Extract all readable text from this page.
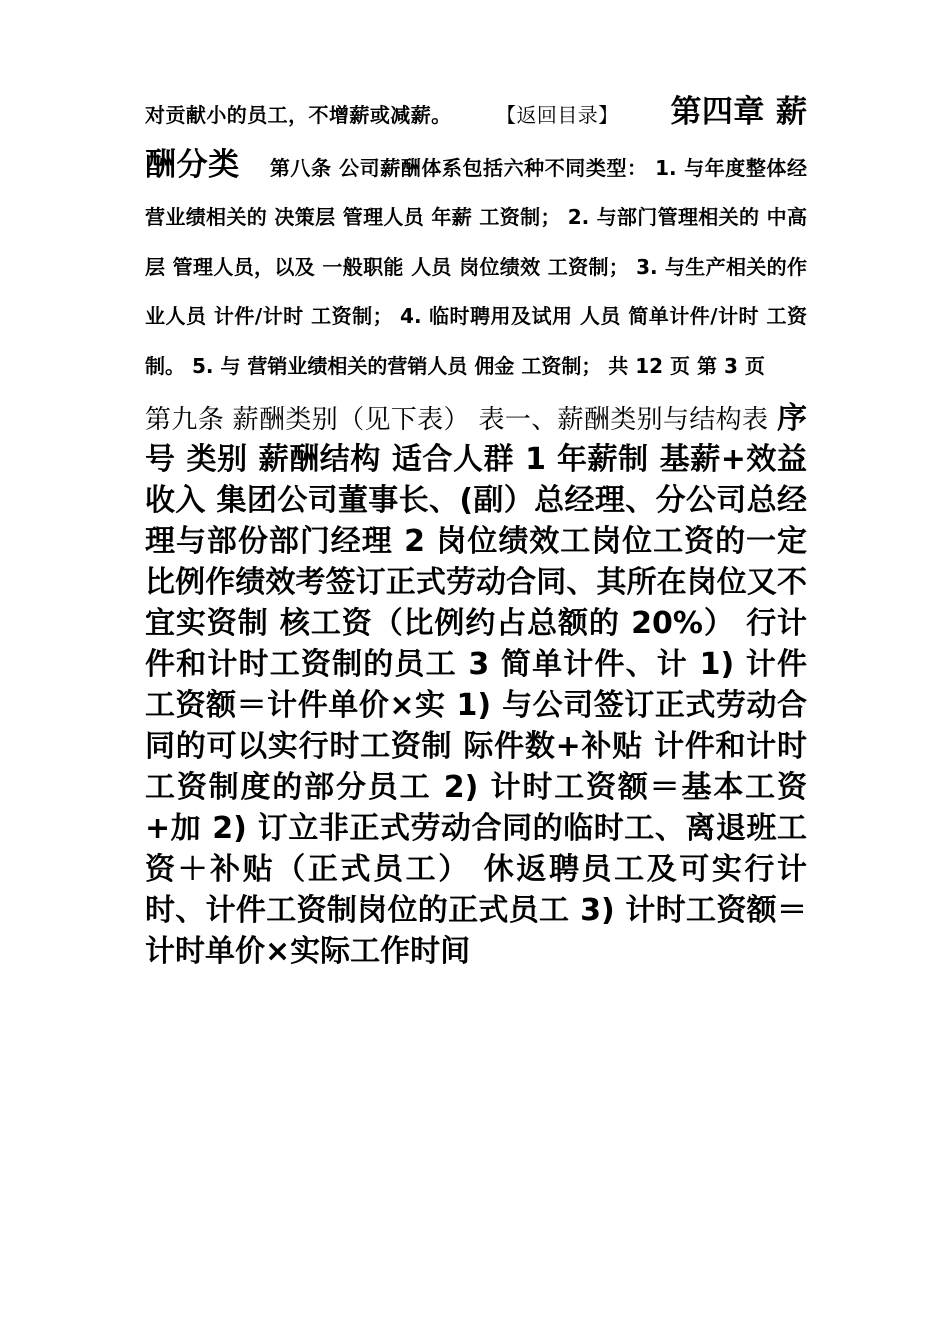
对贡献小的员工，不增薪或减薪。 【返回目录】 第四章 薪酬分类 第八条 公司薪酬体系包括六种不同类型： 1. 与年度整体经营业绩相关的 决策层 管理人员 年薪 工资制； 2. 与部门管理相关的 中高层 管理人员，以及 一般职能 人员 岗位绩效 工资制； 3. 与生产相关的作业人员 计件/计时 工资制； 4. 临时聘用及试用 人员 简单计件/计时 工资制。 5. 与 营销业绩相关的营销人员 佣金 工资制； 共 12 页 第 3 页
第九条 薪酬类别（见下表） 表一、薪酬类别与结构表 序号 类别 薪酬结构 适合人群 1 年薪制 基薪+效益收入 集团公司董事长、(副）总经理、分公司总经理与部份部门经理 2 岗位绩效工岗位工资的一定比例作绩效考签订正式劳动合同、其所在岗位又不宜实资制 核工资（比例约占总额的 20%） 行计件和计时工资制的员工 3 简单计件、计 1) 计件工资额＝计件单价×实 1) 与公司签订正式劳动合同的可以实行时工资制 际件数+补贴 计件和计时工资制度的部分员工 2) 计时工资额＝基本工资+加 2) 订立非正式劳动合同的临时工、离退班工资＋补贴（正式员工） 休返聘员工及可实行计时、计件工资制岗位的正式员工 3) 计时工资额＝计时单价×实际工作时间
